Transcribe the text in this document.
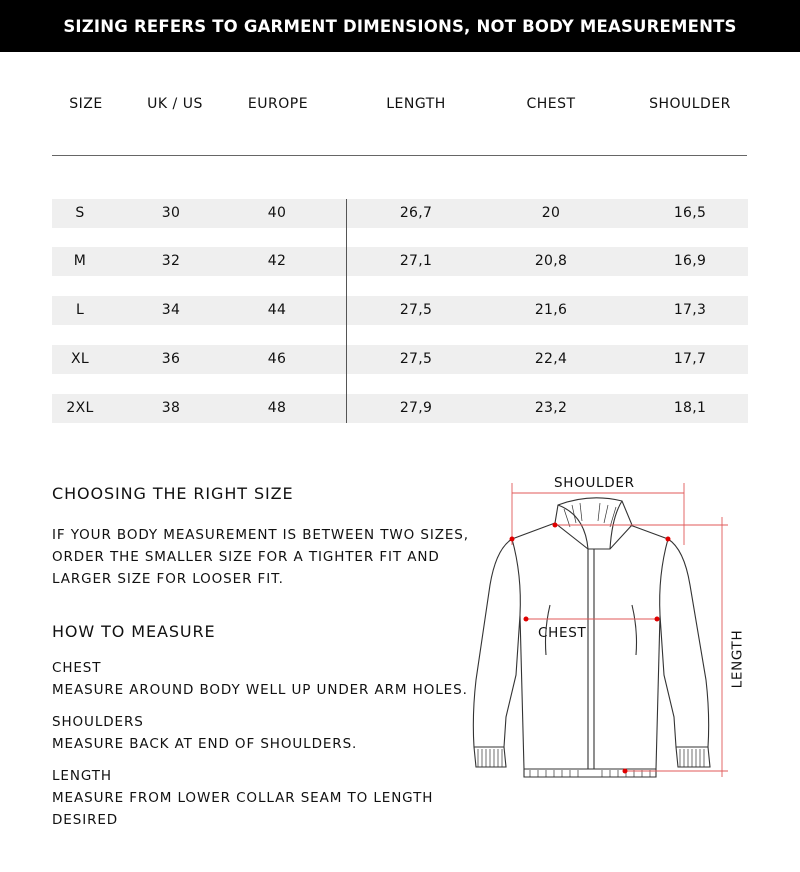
SIZING REFERS TO GARMENT DIMENSIONS, NOT BODY MEASUREMENTS
SIZE	UK / US	EUROPE	LENGTH	CHEST	SHOULDER
S	30	40	26,7	20	16,5
M	32	42	27,1	20,8	16,9
L	34	44	27,5	21,6	17,3
XL	36	46	27,5	22,4	17,7
2XL	38	48	27,9	23,2	18,1
CHOOSING THE RIGHT SIZE
IF YOUR BODY MEASUREMENT IS BETWEEN TWO SIZES,
ORDER THE SMALLER SIZE FOR A TIGHTER FIT AND
LARGER SIZE FOR LOOSER FIT.
HOW TO MEASURE
CHEST
MEASURE AROUND BODY WELL UP UNDER ARM HOLES.
SHOULDERS
MEASURE BACK AT END OF SHOULDERS.
LENGTH
MEASURE FROM LOWER COLLAR SEAM TO LENGTH
DESIRED
SHOULDER
CHEST	LENGTH
